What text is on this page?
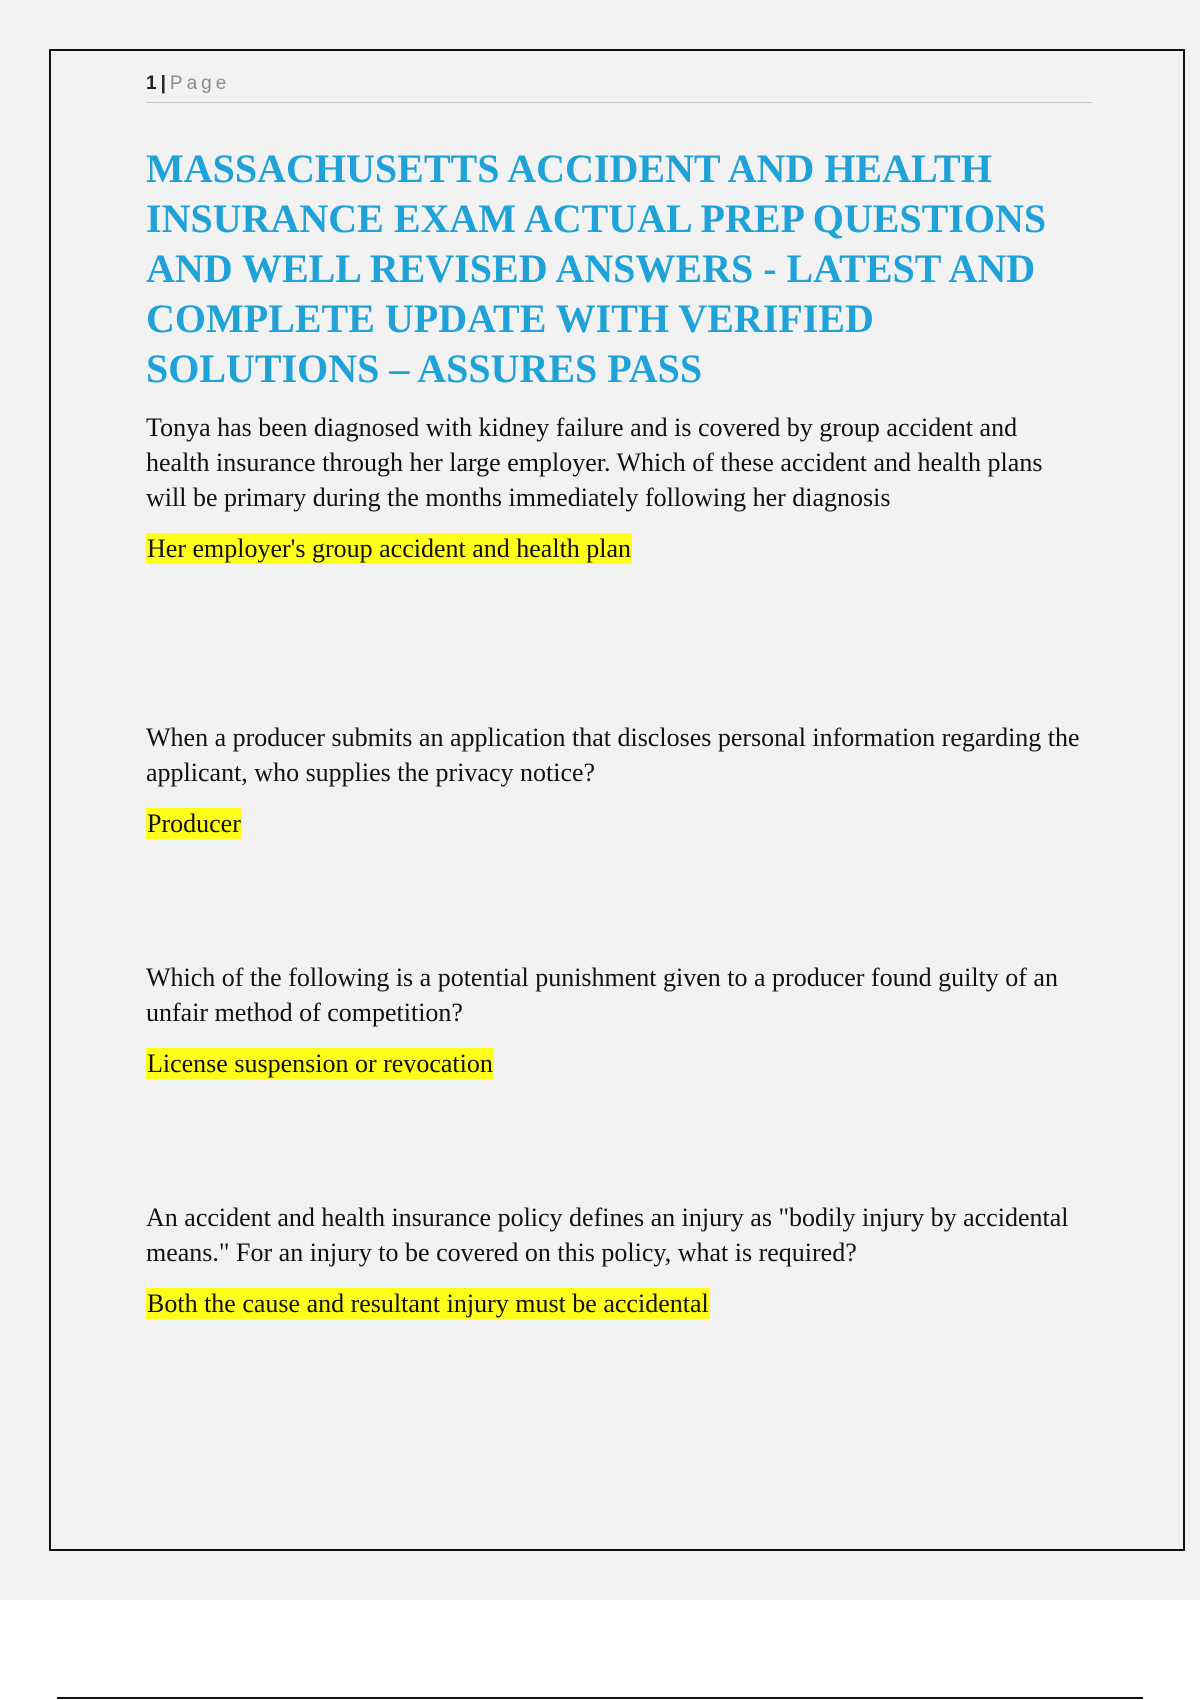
1 | Page
MASSACHUSETTS ACCIDENT AND HEALTH INSURANCE EXAM ACTUAL PREP QUESTIONS AND WELL REVISED ANSWERS - LATEST AND COMPLETE UPDATE WITH VERIFIED SOLUTIONS – ASSURES PASS

Tonya has been diagnosed with kidney failure and is covered by group accident and health insurance through her large employer. Which of these accident and health plans will be primary during the months immediately following her diagnosis

Her employer's group accident and health plan

When a producer submits an application that discloses personal information regarding the applicant, who supplies the privacy notice?

Producer

Which of the following is a potential punishment given to a producer found guilty of an unfair method of competition?

License suspension or revocation

An accident and health insurance policy defines an injury as "bodily injury by accidental means." For an injury to be covered on this policy, what is required?

Both the cause and resultant injury must be accidental
